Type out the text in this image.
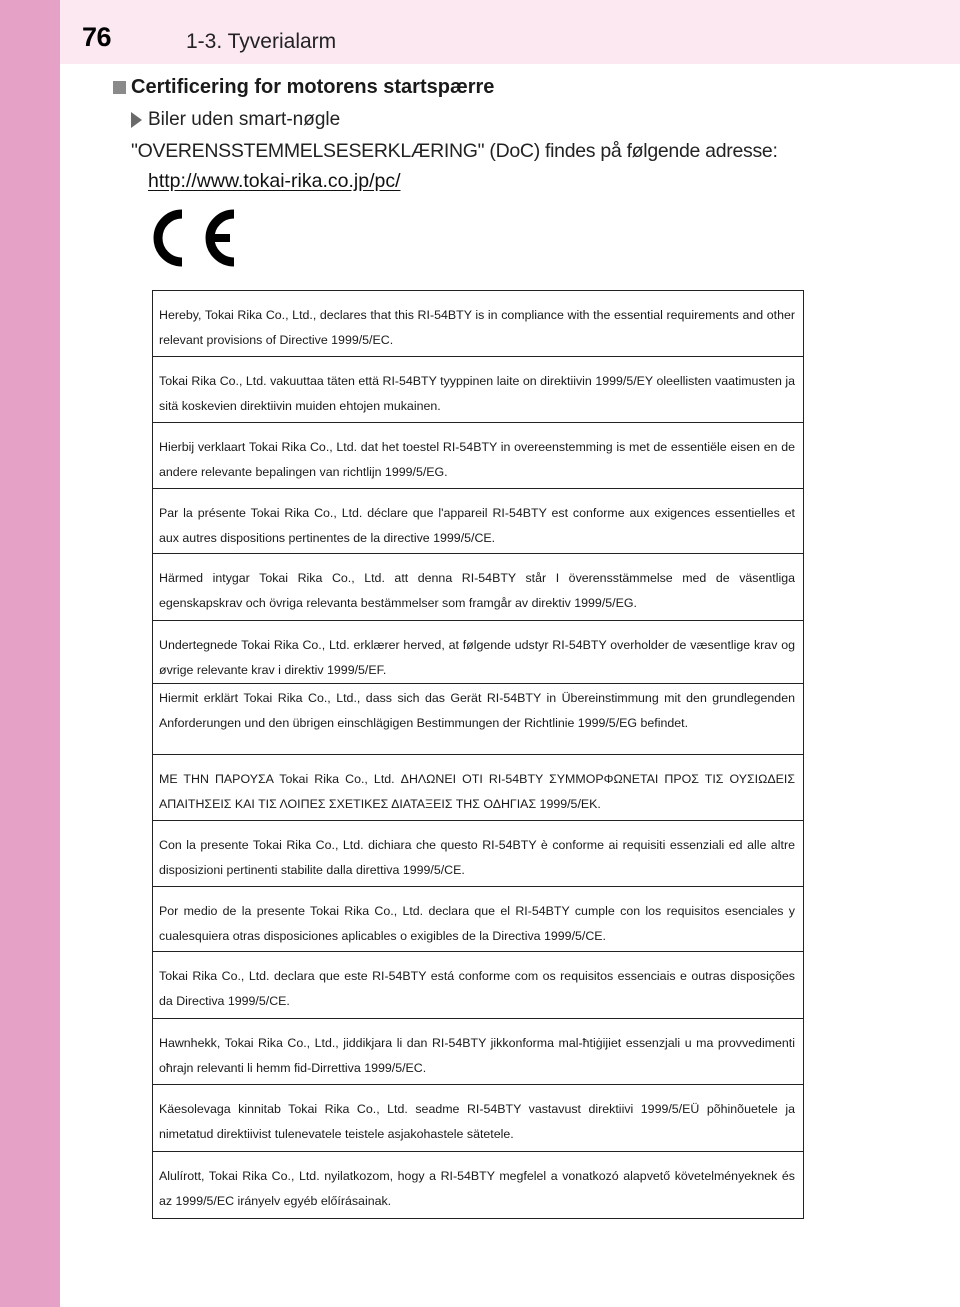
76	1-3. Tyverialarm
Certificering for motorens startspærre
Biler uden smart-nøgle
"OVERENSSTEMMELSESERKLÆRING" (DoC) findes på følgende adresse:
http://www.tokai-rika.co.jp/pc/
Hereby, Tokai Rika Co., Ltd., declares that this RI-54BTY is in compliance with the essential requirements and other relevant provisions of Directive 1999/5/EC.
Tokai Rika Co., Ltd. vakuuttaa täten että RI-54BTY tyyppinen laite on direktiivin 1999/5/EY oleellisten vaatimusten ja sitä koskevien direktiivin muiden ehtojen mukainen.
Hierbij verklaart Tokai Rika Co., Ltd. dat het toestel RI-54BTY in overeenstemming is met de essentiële eisen en de andere relevante bepalingen van richtlijn 1999/5/EG.
Par la présente Tokai Rika Co., Ltd. déclare que l'appareil RI-54BTY est conforme aux exigences essentielles et aux autres dispositions pertinentes de la directive 1999/5/CE.
Härmed intygar Tokai Rika Co., Ltd. att denna RI-54BTY står I överensstämmelse med de väsentliga egenskapskrav och övriga relevanta bestämmelser som framgår av direktiv 1999/5/EG.
Undertegnede Tokai Rika Co., Ltd. erklærer herved, at følgende udstyr RI-54BTY overholder de væsentlige krav og øvrige relevante krav i direktiv 1999/5/EF.
Hiermit erklärt Tokai Rika Co., Ltd., dass sich das Gerät RI-54BTY in Übereinstimmung mit den grundlegenden Anforderungen und den übrigen einschlägigen Bestimmungen der Richtlinie 1999/5/EG befindet.
ΜΕ ΤΗΝ ΠΑΡΟΥΣΑ Tokai Rika Co., Ltd. ΔΗΛΩΝΕΙ ΟΤΙ RI-54BTY ΣΥΜΜΟΡΦΩΝΕΤΑΙ ΠΡΟΣ ΤΙΣ ΟΥΣΙΩΔΕΙΣ ΑΠΑΙΤΗΣΕΙΣ ΚΑΙ ΤΙΣ ΛΟΙΠΕΣ ΣΧΕΤΙΚΕΣ ΔΙΑΤΑΞΕΙΣ ΤΗΣ ΟΔΗΓΙΑΣ 1999/5/ΕΚ.
Con la presente Tokai Rika Co., Ltd. dichiara che questo RI-54BTY è conforme ai requisiti essenziali ed alle altre disposizioni pertinenti stabilite dalla direttiva 1999/5/CE.
Por medio de la presente Tokai Rika Co., Ltd. declara que el RI-54BTY cumple con los requisitos esenciales y cualesquiera otras disposiciones aplicables o exigibles de la Directiva 1999/5/CE.
Tokai Rika Co., Ltd. declara que este RI-54BTY está conforme com os requisitos essenciais e outras disposições da Directiva 1999/5/CE.
Hawnhekk, Tokai Rika Co., Ltd., jiddikjara li dan RI-54BTY jikkonforma mal-ħtiġijiet essenzjali u ma provvedimenti oħrajn relevanti li hemm fid-Dirrettiva 1999/5/EC.
Käesolevaga kinnitab Tokai Rika Co., Ltd. seadme RI-54BTY vastavust direktiivi 1999/5/EÜ põhinõuetele ja nimetatud direktiivist tulenevatele teistele asjakohastele sätetele.
Alulírott, Tokai Rika Co., Ltd. nyilatkozom, hogy a RI-54BTY megfelel a vonatkozó alapvető követelményeknek és az 1999/5/EC irányelv egyéb előírásainak.
